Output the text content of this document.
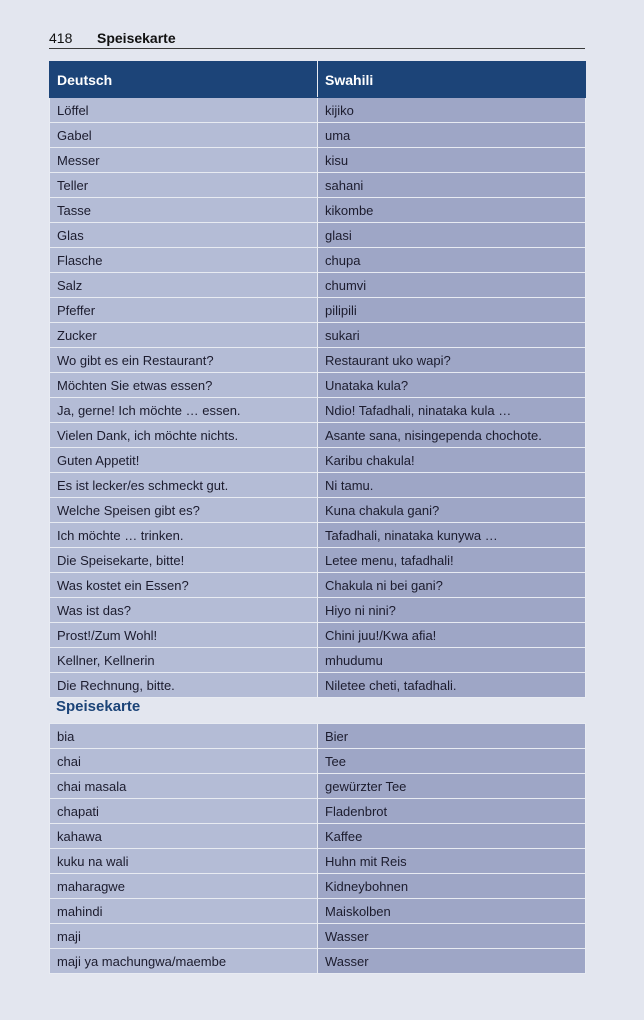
418 Speisekarte
Deutsch	Swahili
Löffel	kijiko
Gabel	uma
Messer	kisu
Teller	sahani
Tasse	kikombe
Glas	glasi
Flasche	chupa
Salz	chumvi
Pfeffer	pilipili
Zucker	sukari
Wo gibt es ein Restaurant?	Restaurant uko wapi?
Möchten Sie etwas essen?	Unataka kula?
Ja, gerne! Ich möchte … essen.	Ndio! Tafadhali, ninataka kula …
Vielen Dank, ich möchte nichts.	Asante sana, nisingependa chochote.
Guten Appetit!	Karibu chakula!
Es ist lecker/es schmeckt gut.	Ni tamu.
Welche Speisen gibt es?	Kuna chakula gani?
Ich möchte … trinken.	Tafadhali, ninataka kunywa …
Die Speisekarte, bitte!	Letee menu, tafadhali!
Was kostet ein Essen?	Chakula ni bei gani?
Was ist das?	Hiyo ni nini?
Prost!/Zum Wohl!	Chini juu!/Kwa afia!
Kellner, Kellnerin	mhudumu
Die Rechnung, bitte.	Niletee cheti, tafadhali.
Speisekarte
bia	Bier
chai	Tee
chai masala	gewürzter Tee
chapati	Fladenbrot
kahawa	Kaffee
kuku na wali	Huhn mit Reis
maharagwe	Kidneybohnen
mahindi	Maiskolben
maji	Wasser
maji ya machungwa/maembe	Wasser
